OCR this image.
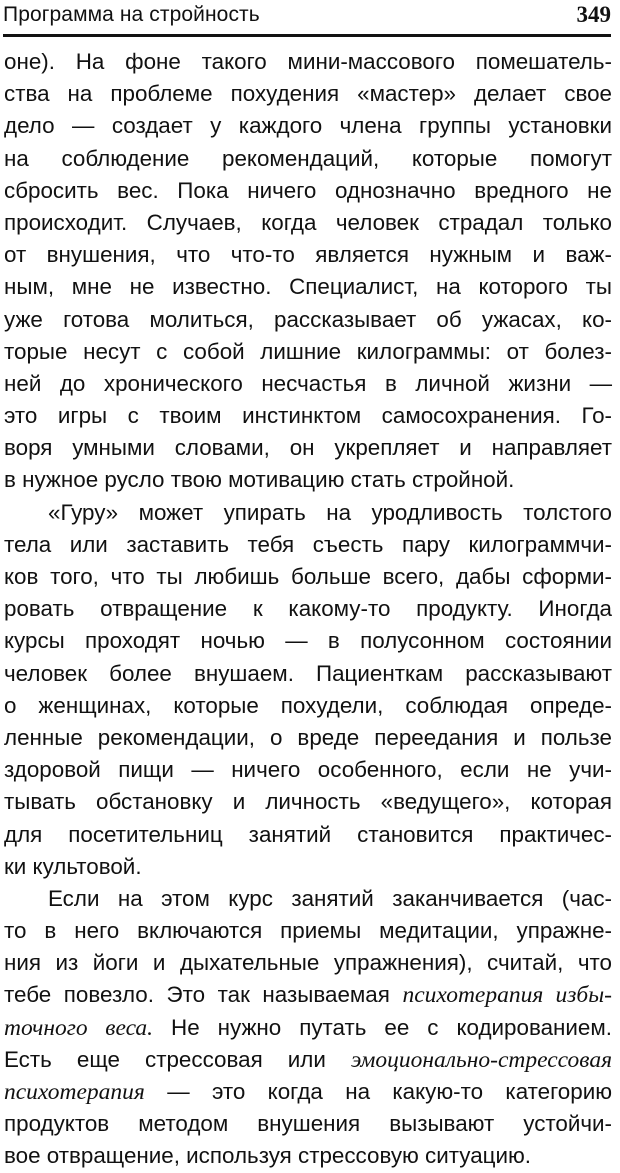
Программа на стройность	349

оне). На фоне такого мини-массового помешатель-
ства на проблеме похудения «мастер» делает свое
дело — создает у каждого члена группы установки
на соблюдение рекомендаций, которые помогут
сбросить вес. Пока ничего однозначно вредного не
происходит. Случаев, когда человек страдал только
от внушения, что что-то является нужным и важ-
ным, мне не известно. Специалист, на которого ты
уже готова молиться, рассказывает об ужасах, ко-
торые несут с собой лишние килограммы: от болез-
ней до хронического несчастья в личной жизни —
это игры с твоим инстинктом самосохранения. Го-
воря умными словами, он укрепляет и направляет
в нужное русло твою мотивацию стать стройной.

«Гуру» может упирать на уродливость толстого
тела или заставить тебя съесть пару килограммчи-
ков того, что ты любишь больше всего, дабы сформи-
ровать отвращение к какому-то продукту. Иногда
курсы проходят ночью — в полусонном состоянии
человек более внушаем. Пациенткам рассказывают
о женщинах, которые похудели, соблюдая опреде-
ленные рекомендации, о вреде переедания и пользе
здоровой пищи — ничего особенного, если не учи-
тывать обстановку и личность «ведущего», которая
для посетительниц занятий становится практичес-
ки культовой.

Если на этом курс занятий заканчивается (час-
то в него включаются приемы медитации, упражне-
ния из йоги и дыхательные упражнения), считай, что
тебе повезло. Это так называемая психотерапия избы-
точного веса. Не нужно путать ее с кодированием.
Есть еще стрессовая или эмоционально-стрессовая
психотерапия — это когда на какую-то категорию
продуктов методом внушения вызывают устойчи-
вое отвращение, используя стрессовую ситуацию.
